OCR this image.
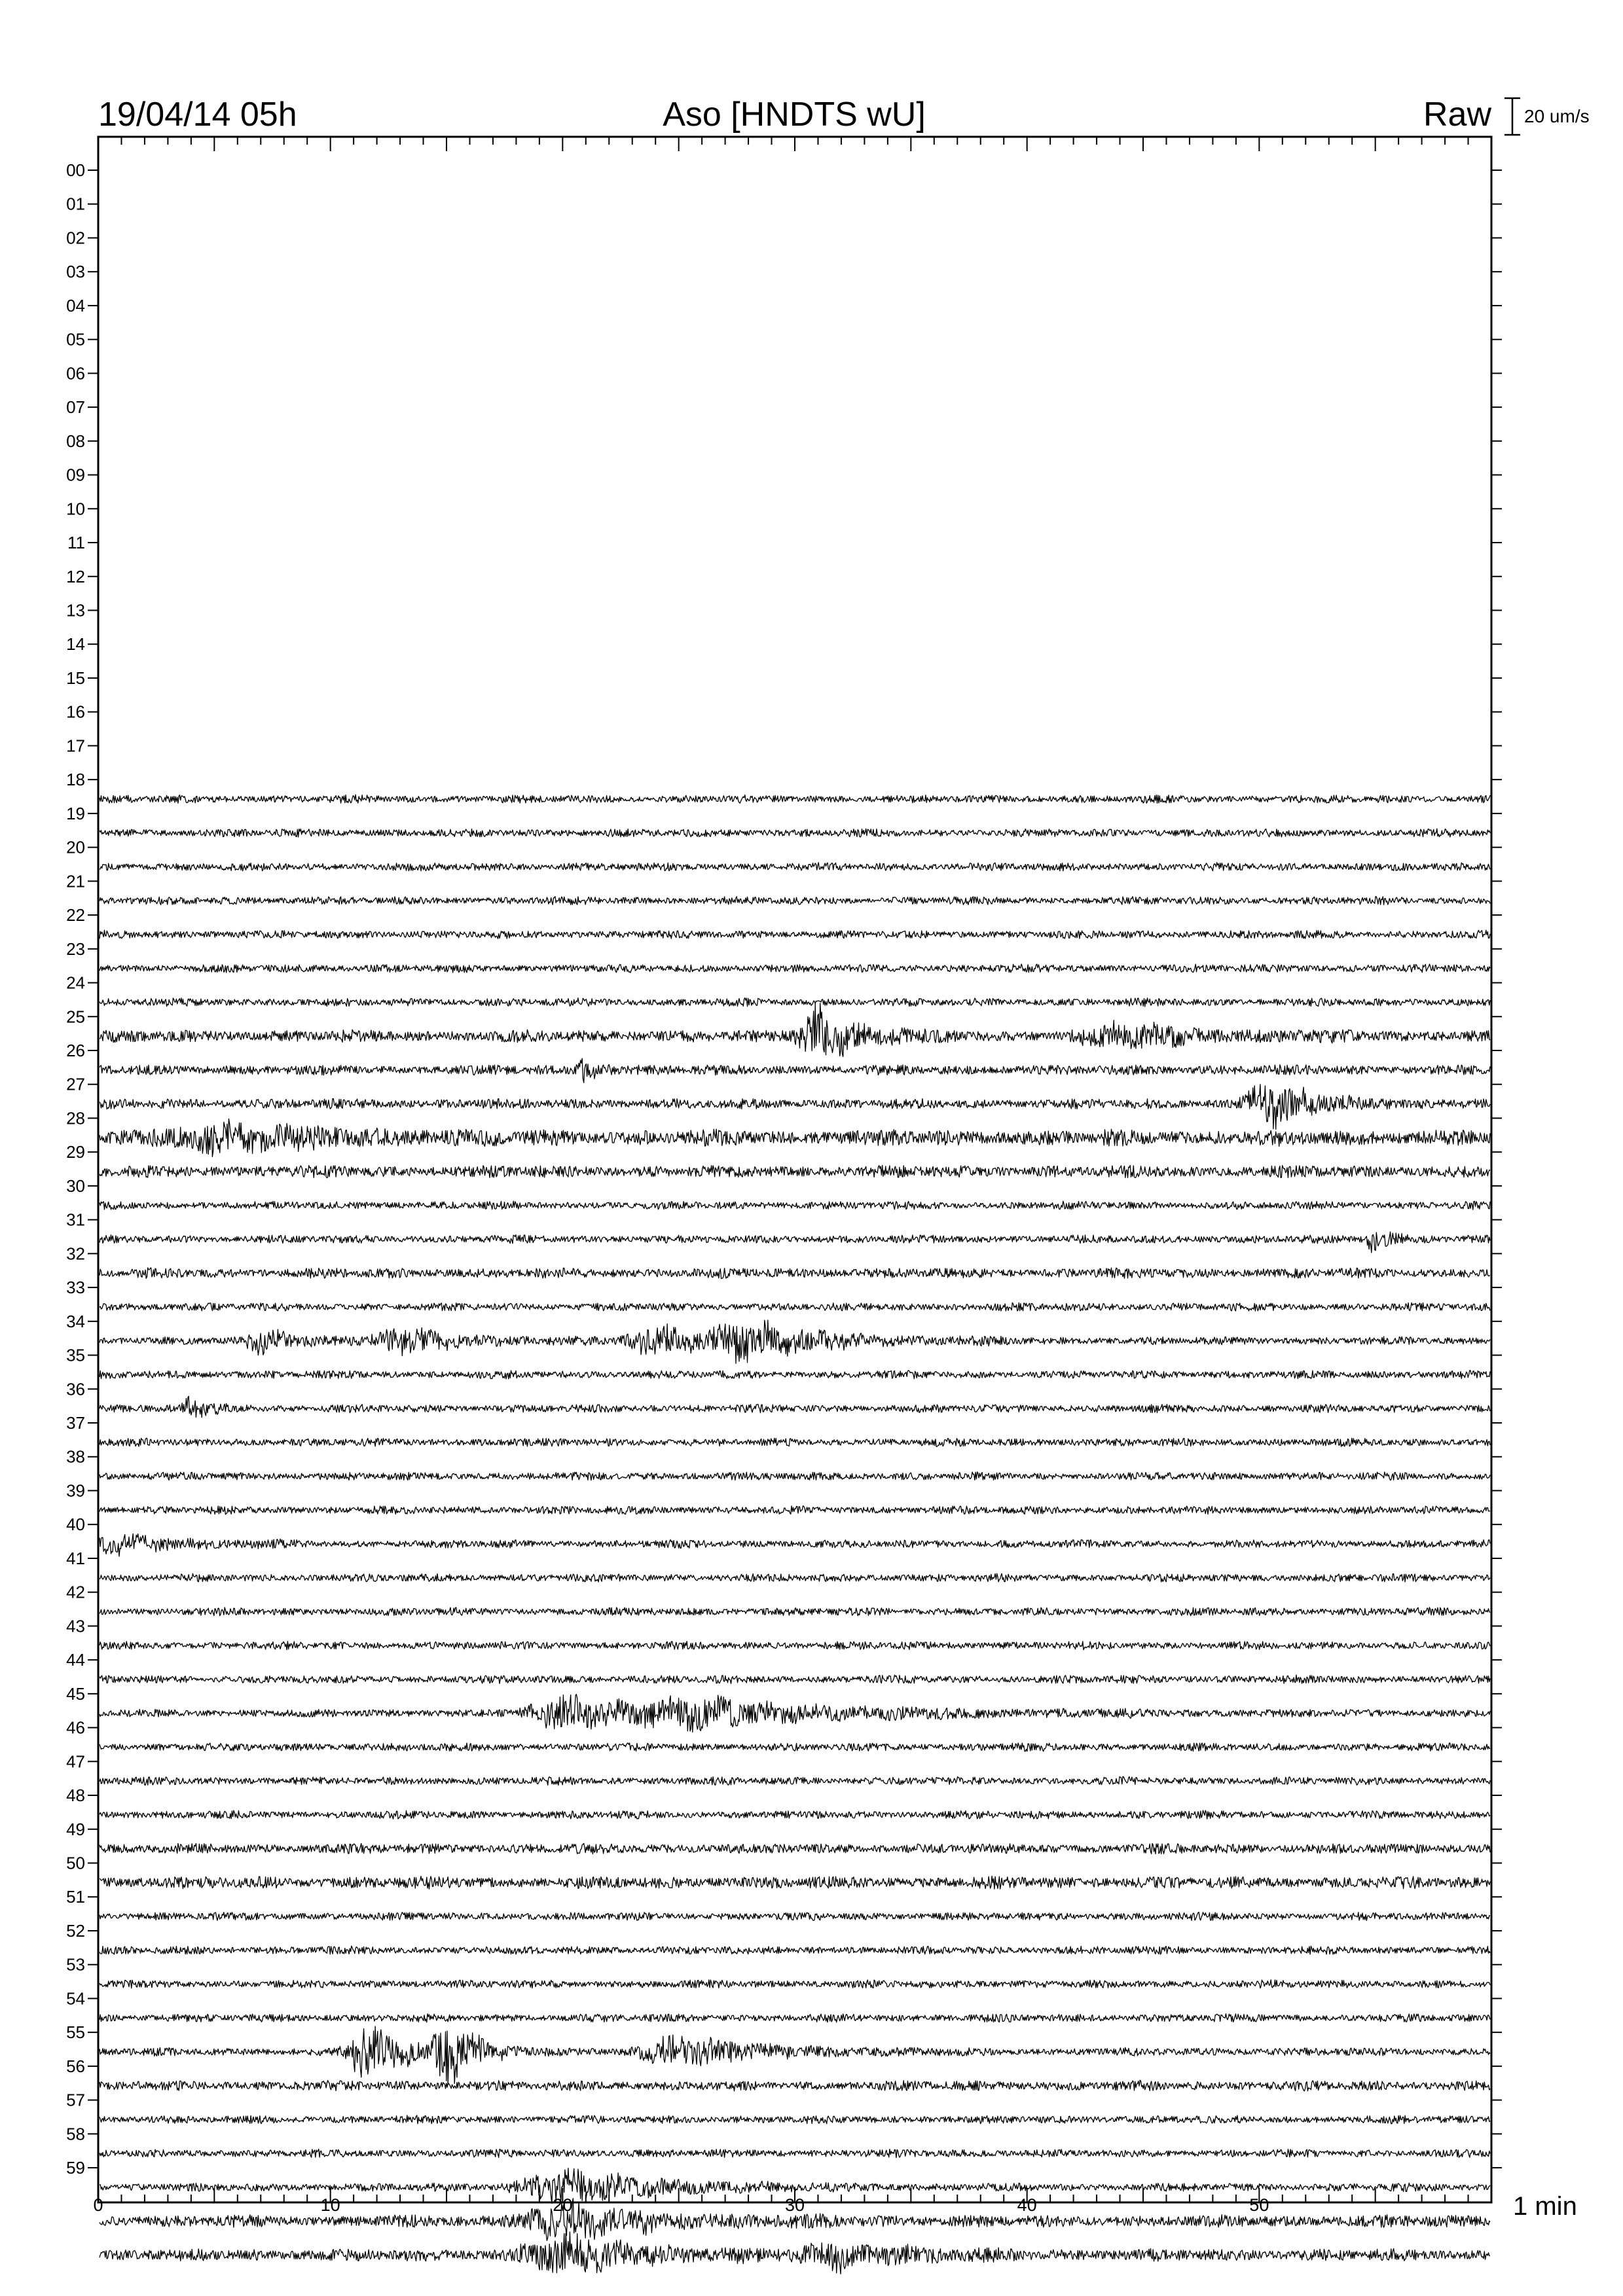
19/04/14 05h	Aso [HNDTS wU]	Raw 20 um/s
0	10	20	30	40	50
00
01
02
03
04
05
06
07
08
09
10
11
12
13
14
15
16
17
18
19
20
21
22
23
24
25
26
27
28
29
30
31
32
33
34
35
36
37
38
39
40
41
42
43
44
45
46
47
48
49
50
51
52
53
54
55
56
57
58
59
1 min
